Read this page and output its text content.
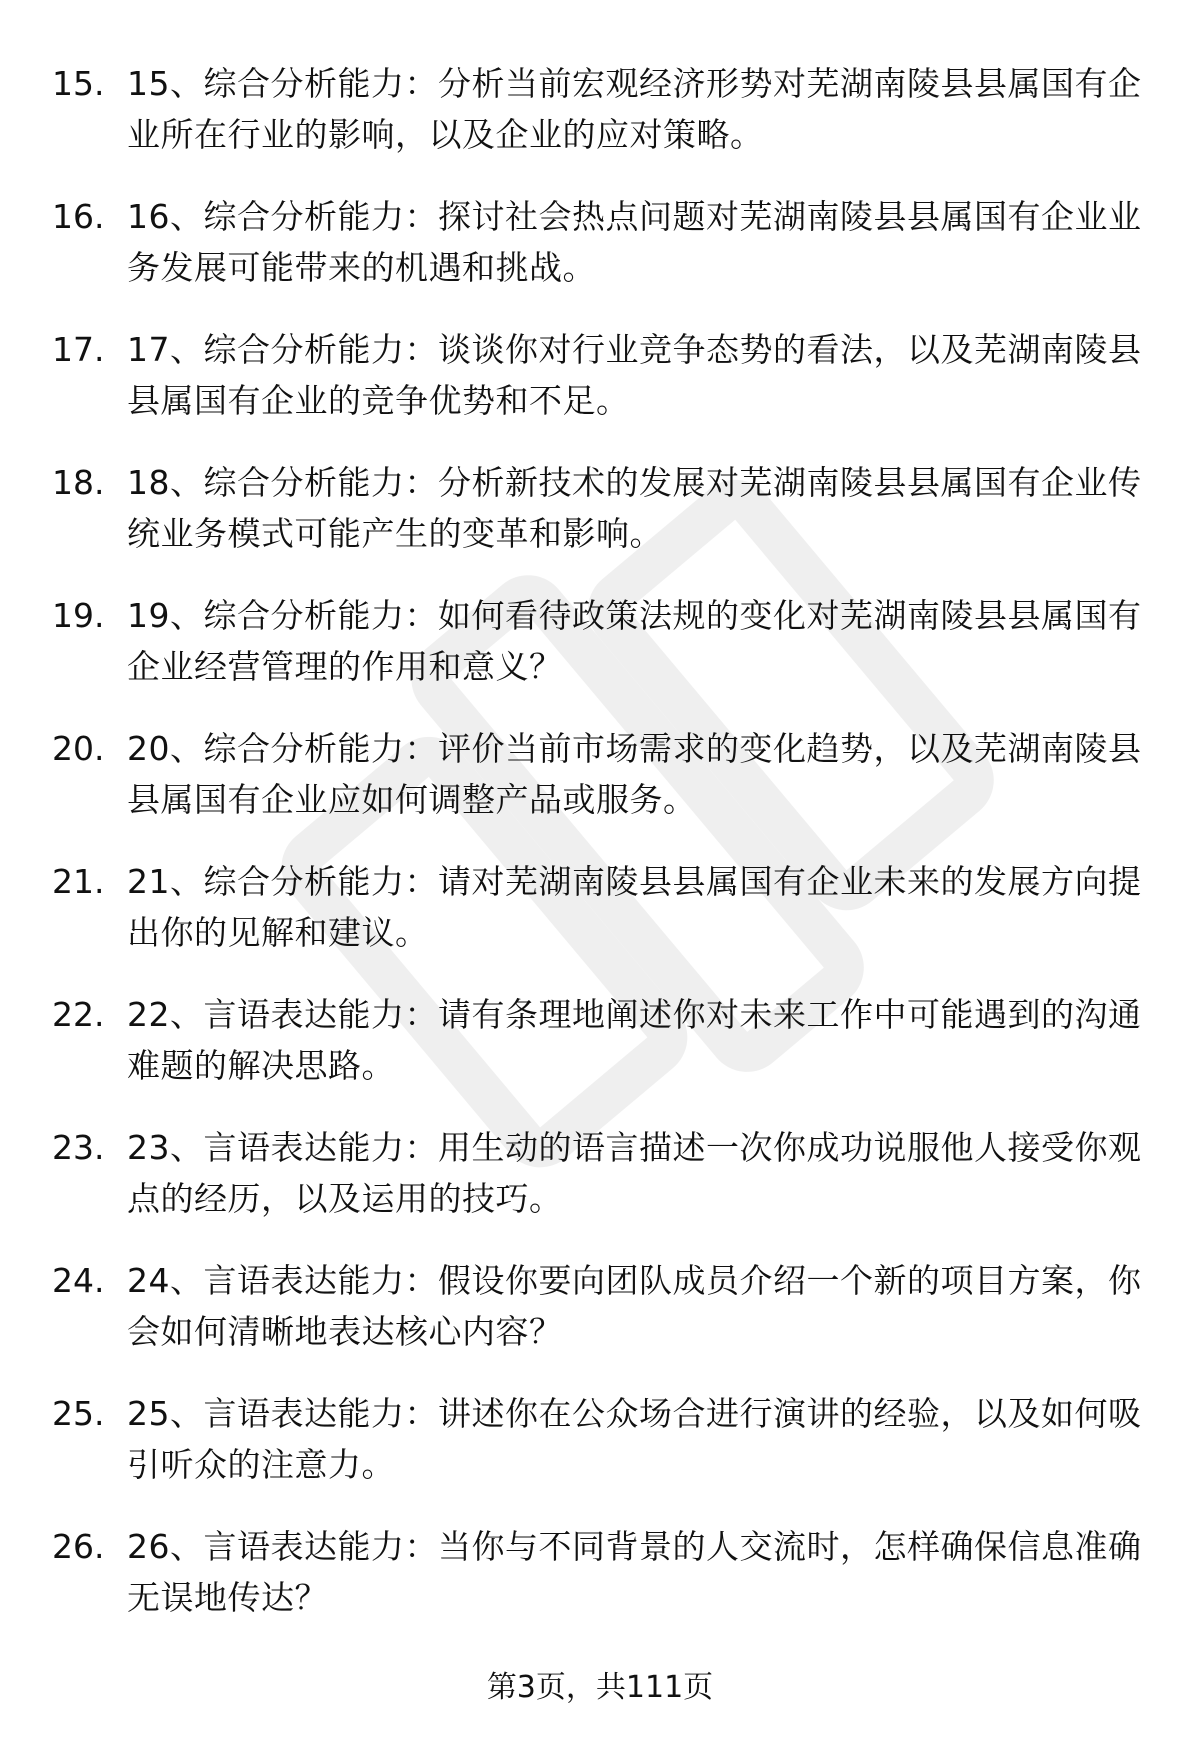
15. 15、综合分析能力：分析当前宏观经济形势对芜湖南陵县县属国有企业所在行业的影响，以及企业的应对策略。
16. 16、综合分析能力：探讨社会热点问题对芜湖南陵县县属国有企业业务发展可能带来的机遇和挑战。
17. 17、综合分析能力：谈谈你对行业竞争态势的看法，以及芜湖南陵县县属国有企业的竞争优势和不足。
18. 18、综合分析能力：分析新技术的发展对芜湖南陵县县属国有企业传统业务模式可能产生的变革和影响。
19. 19、综合分析能力：如何看待政策法规的变化对芜湖南陵县县属国有企业经营管理的作用和意义？
20. 20、综合分析能力：评价当前市场需求的变化趋势，以及芜湖南陵县县属国有企业应如何调整产品或服务。
21. 21、综合分析能力：请对芜湖南陵县县属国有企业未来的发展方向提出你的见解和建议。
22. 22、言语表达能力：请有条理地阐述你对未来工作中可能遇到的沟通难题的解决思路。
23. 23、言语表达能力：用生动的语言描述一次你成功说服他人接受你观点的经历，以及运用的技巧。
24. 24、言语表达能力：假设你要向团队成员介绍一个新的项目方案，你会如何清晰地表达核心内容？
25. 25、言语表达能力：讲述你在公众场合进行演讲的经验，以及如何吸引听众的注意力。
26. 26、言语表达能力：当你与不同背景的人交流时，怎样确保信息准确无误地传达？
第3页，共111页
